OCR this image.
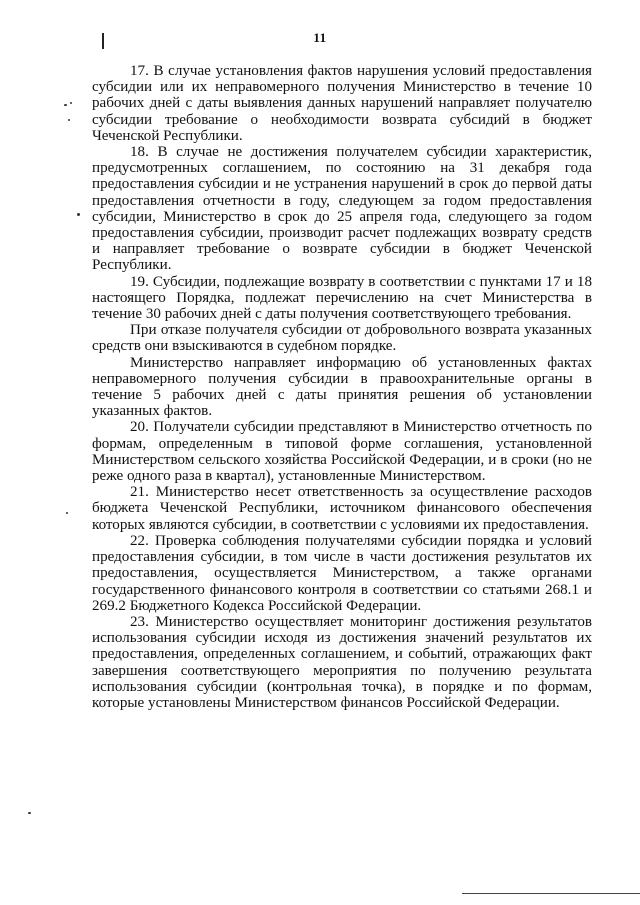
11

17. В случае установления фактов нарушения условий предоставления субсидии или их неправомерного получения Министерство в течение 10 рабочих дней с даты выявления данных нарушений направляет получателю субсидии требование о необходимости возврата субсидий в бюджет Чеченской Республики.

18. В случае не достижения получателем субсидии характеристик, предусмотренных соглашением, по состоянию на 31 декабря года предоставления субсидии и не устранения нарушений в срок до первой даты предоставления отчетности в году, следующем за годом предоставления субсидии, Министерство в срок до 25 апреля года, следующего за годом предоставления субсидии, производит расчет подлежащих возврату средств и направляет требование о возврате субсидии в бюджет Чеченской Республики.

19. Субсидии, подлежащие возврату в соответствии с пунктами 17 и 18 настоящего Порядка, подлежат перечислению на счет Министерства в течение 30 рабочих дней с даты получения соответствующего требования.

При отказе получателя субсидии от добровольного возврата указанных средств они взыскиваются в судебном порядке.

Министерство направляет информацию об установленных фактах неправомерного получения субсидии в правоохранительные органы в течение 5 рабочих дней с даты принятия решения об установлении указанных фактов.

20. Получатели субсидии представляют в Министерство отчетность по формам, определенным в типовой форме соглашения, установленной Министерством сельского хозяйства Российской Федерации, и в сроки (но не реже одного раза в квартал), установленные Министерством.

21. Министерство несет ответственность за осуществление расходов бюджета Чеченской Республики, источником финансового обеспечения которых являются субсидии, в соответствии с условиями их предоставления.

22. Проверка соблюдения получателями субсидии порядка и условий предоставления субсидии, в том числе в части достижения результатов их предоставления, осуществляется Министерством, а также органами государственного финансового контроля в соответствии со статьями 268.1 и 269.2 Бюджетного Кодекса Российской Федерации.

23. Министерство осуществляет мониторинг достижения результатов использования субсидии исходя из достижения значений результатов их предоставления, определенных соглашением, и событий, отражающих факт завершения соответствующего мероприятия по получению результата использования субсидии (контрольная точка), в порядке и по формам, которые установлены Министерством финансов Российской Федерации.
